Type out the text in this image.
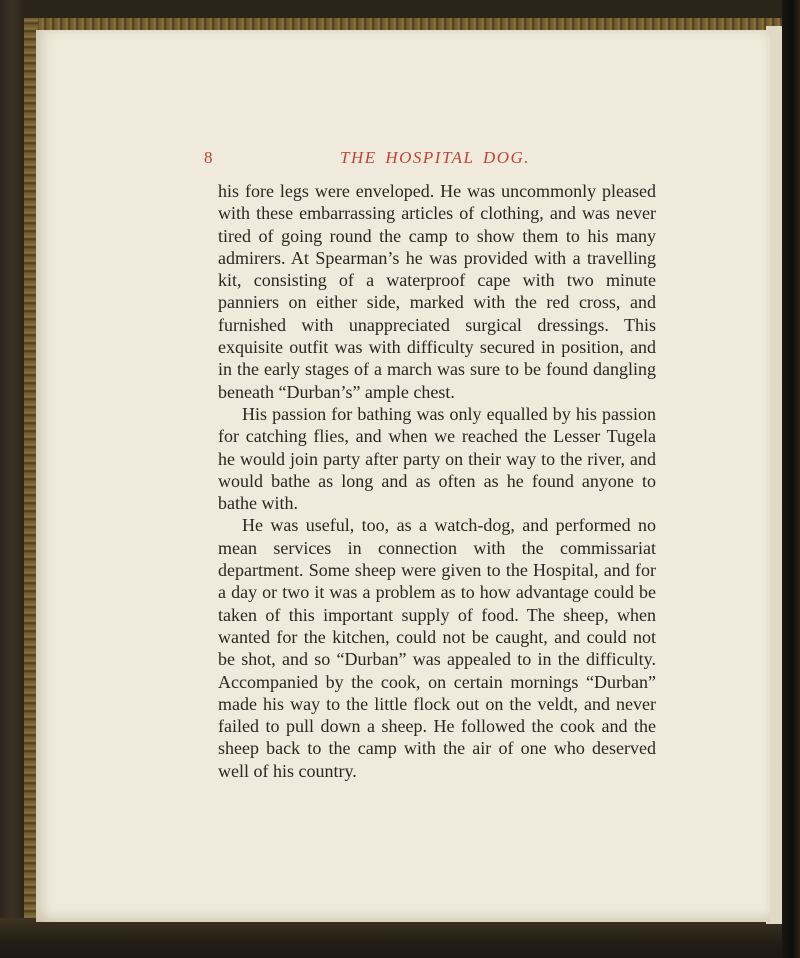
8	THE HOSPITAL DOG.

his fore legs were enveloped. He was uncommonly pleased with these embarrassing articles of clothing, and was never tired of going round the camp to show them to his many admirers. At Spearman’s he was provided with a travelling kit, consisting of a waterproof cape with two minute panniers on either side, marked with the red cross, and furnished with unappreciated surgical dressings. This exquisite outfit was with difficulty secured in position, and in the early stages of a march was sure to be found dangling beneath “Durban’s” ample chest.

His passion for bathing was only equalled by his passion for catching flies, and when we reached the Lesser Tugela he would join party after party on their way to the river, and would bathe as long and as often as he found anyone to bathe with.

He was useful, too, as a watch-dog, and performed no mean services in connection with the commissariat department. Some sheep were given to the Hospital, and for a day or two it was a problem as to how advantage could be taken of this important supply of food. The sheep, when wanted for the kitchen, could not be caught, and could not be shot, and so “Durban” was appealed to in the difficulty. Accompanied by the cook, on certain mornings “Durban” made his way to the little flock out on the veldt, and never failed to pull down a sheep. He followed the cook and the sheep back to the camp with the air of one who deserved well of his country.
